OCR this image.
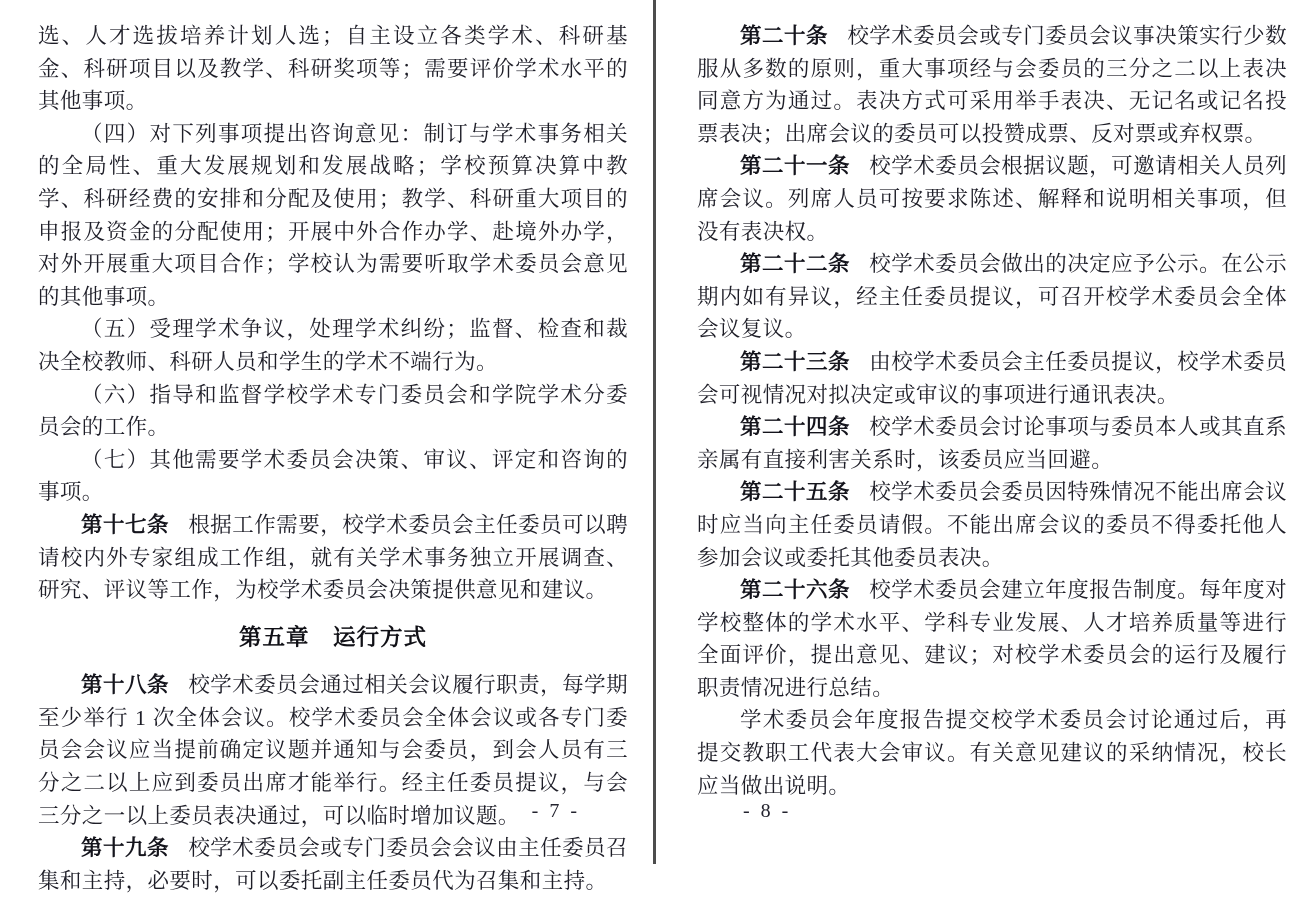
选、人才选拔培养计划人选；自主设立各类学术、科研基金、科研项目以及教学、科研奖项等；需要评价学术水平的其他事项。

（四）对下列事项提出咨询意见：制订与学术事务相关的全局性、重大发展规划和发展战略；学校预算决算中教学、科研经费的安排和分配及使用；教学、科研重大项目的申报及资金的分配使用；开展中外合作办学、赴境外办学，对外开展重大项目合作；学校认为需要听取学术委员会意见的其他事项。

（五）受理学术争议，处理学术纠纷；监督、检查和裁决全校教师、科研人员和学生的学术不端行为。

（六）指导和监督学校学术专门委员会和学院学术分委员会的工作。

（七）其他需要学术委员会决策、审议、评定和咨询的事项。

第十七条 根据工作需要，校学术委员会主任委员可以聘请校内外专家组成工作组，就有关学术事务独立开展调查、研究、评议等工作，为校学术委员会决策提供意见和建议。

第五章　运行方式

第十八条 校学术委员会通过相关会议履行职责，每学期至少举行 1 次全体会议。校学术委员会全体会议或各专门委员会会议应当提前确定议题并通知与会委员，到会人员有三分之二以上应到委员出席才能举行。经主任委员提议，与会三分之一以上委员表决通过，可以临时增加议题。

第十九条 校学术委员会或专门委员会会议由主任委员召集和主持，必要时，可以委托副主任委员代为召集和主持。

- 7 -

第二十条 校学术委员会或专门委员会议事决策实行少数服从多数的原则，重大事项经与会委员的三分之二以上表决同意方为通过。表决方式可采用举手表决、无记名或记名投票表决；出席会议的委员可以投赞成票、反对票或弃权票。

第二十一条 校学术委员会根据议题，可邀请相关人员列席会议。列席人员可按要求陈述、解释和说明相关事项，但没有表决权。

第二十二条 校学术委员会做出的决定应予公示。在公示期内如有异议，经主任委员提议，可召开校学术委员会全体会议复议。

第二十三条 由校学术委员会主任委员提议，校学术委员会可视情况对拟决定或审议的事项进行通讯表决。

第二十四条 校学术委员会讨论事项与委员本人或其直系亲属有直接利害关系时，该委员应当回避。

第二十五条 校学术委员会委员因特殊情况不能出席会议时应当向主任委员请假。不能出席会议的委员不得委托他人参加会议或委托其他委员表决。

第二十六条 校学术委员会建立年度报告制度。每年度对学校整体的学术水平、学科专业发展、人才培养质量等进行全面评价，提出意见、建议；对校学术委员会的运行及履行职责情况进行总结。

学术委员会年度报告提交校学术委员会讨论通过后，再提交教职工代表大会审议。有关意见建议的采纳情况，校长应当做出说明。

- 8 -
